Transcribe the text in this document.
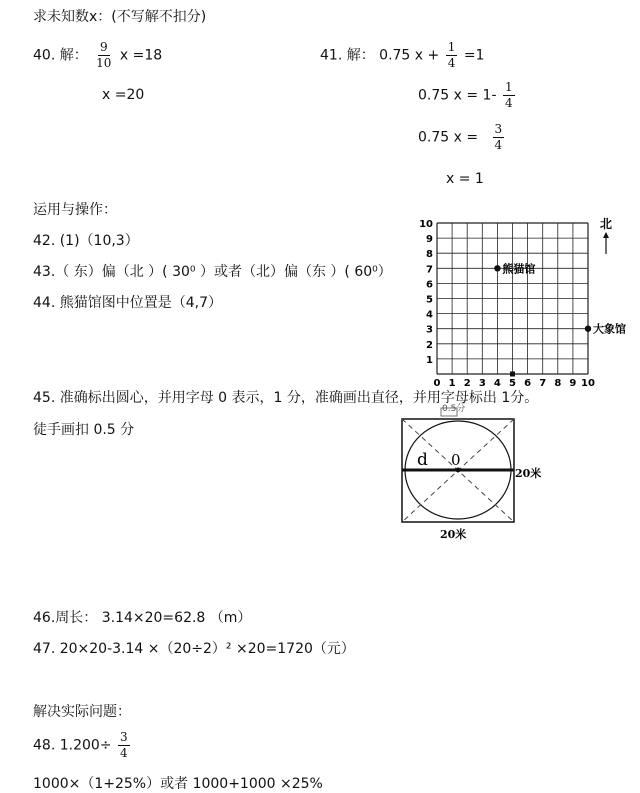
求未知数x：(不写解不扣分)
40. 解： $\frac{9}{10}$ x =18
x =20
41. 解： 0.75 $x + \frac{1}{4} =1$
0.75 $x = 1- \frac{1}{4}$
0.75 $x = \frac{3}{4}$
x = 1
运用与操作：
42. (1)（10,3）
43.（ 东）偏（北 ）( 30⁰ ）或者（北）偏（东 ）( 60⁰）
44. 熊猫馆图中位置是（4,7）
0 1 2 3 4 5 6 7 8 9 10
1
2
3
4
5
6
7
8
9
10
熊猫馆
大象馆
北
45. 准确标出圆心，并用字母 0 表示，1 分，准确画出直径，并用字母标出 1分。
徒手画扣 0.5 分
0.5分
d 0
20米
20米
46.周长： 3.14×20=62.8 （m）
47. 20×20-3.14 ×（20÷2）² ×20=1720（元）
解决实际问题：
48. $1.200\div \frac{3}{4}$
1000×（1+25%）或者 1000+1000 ×25%
